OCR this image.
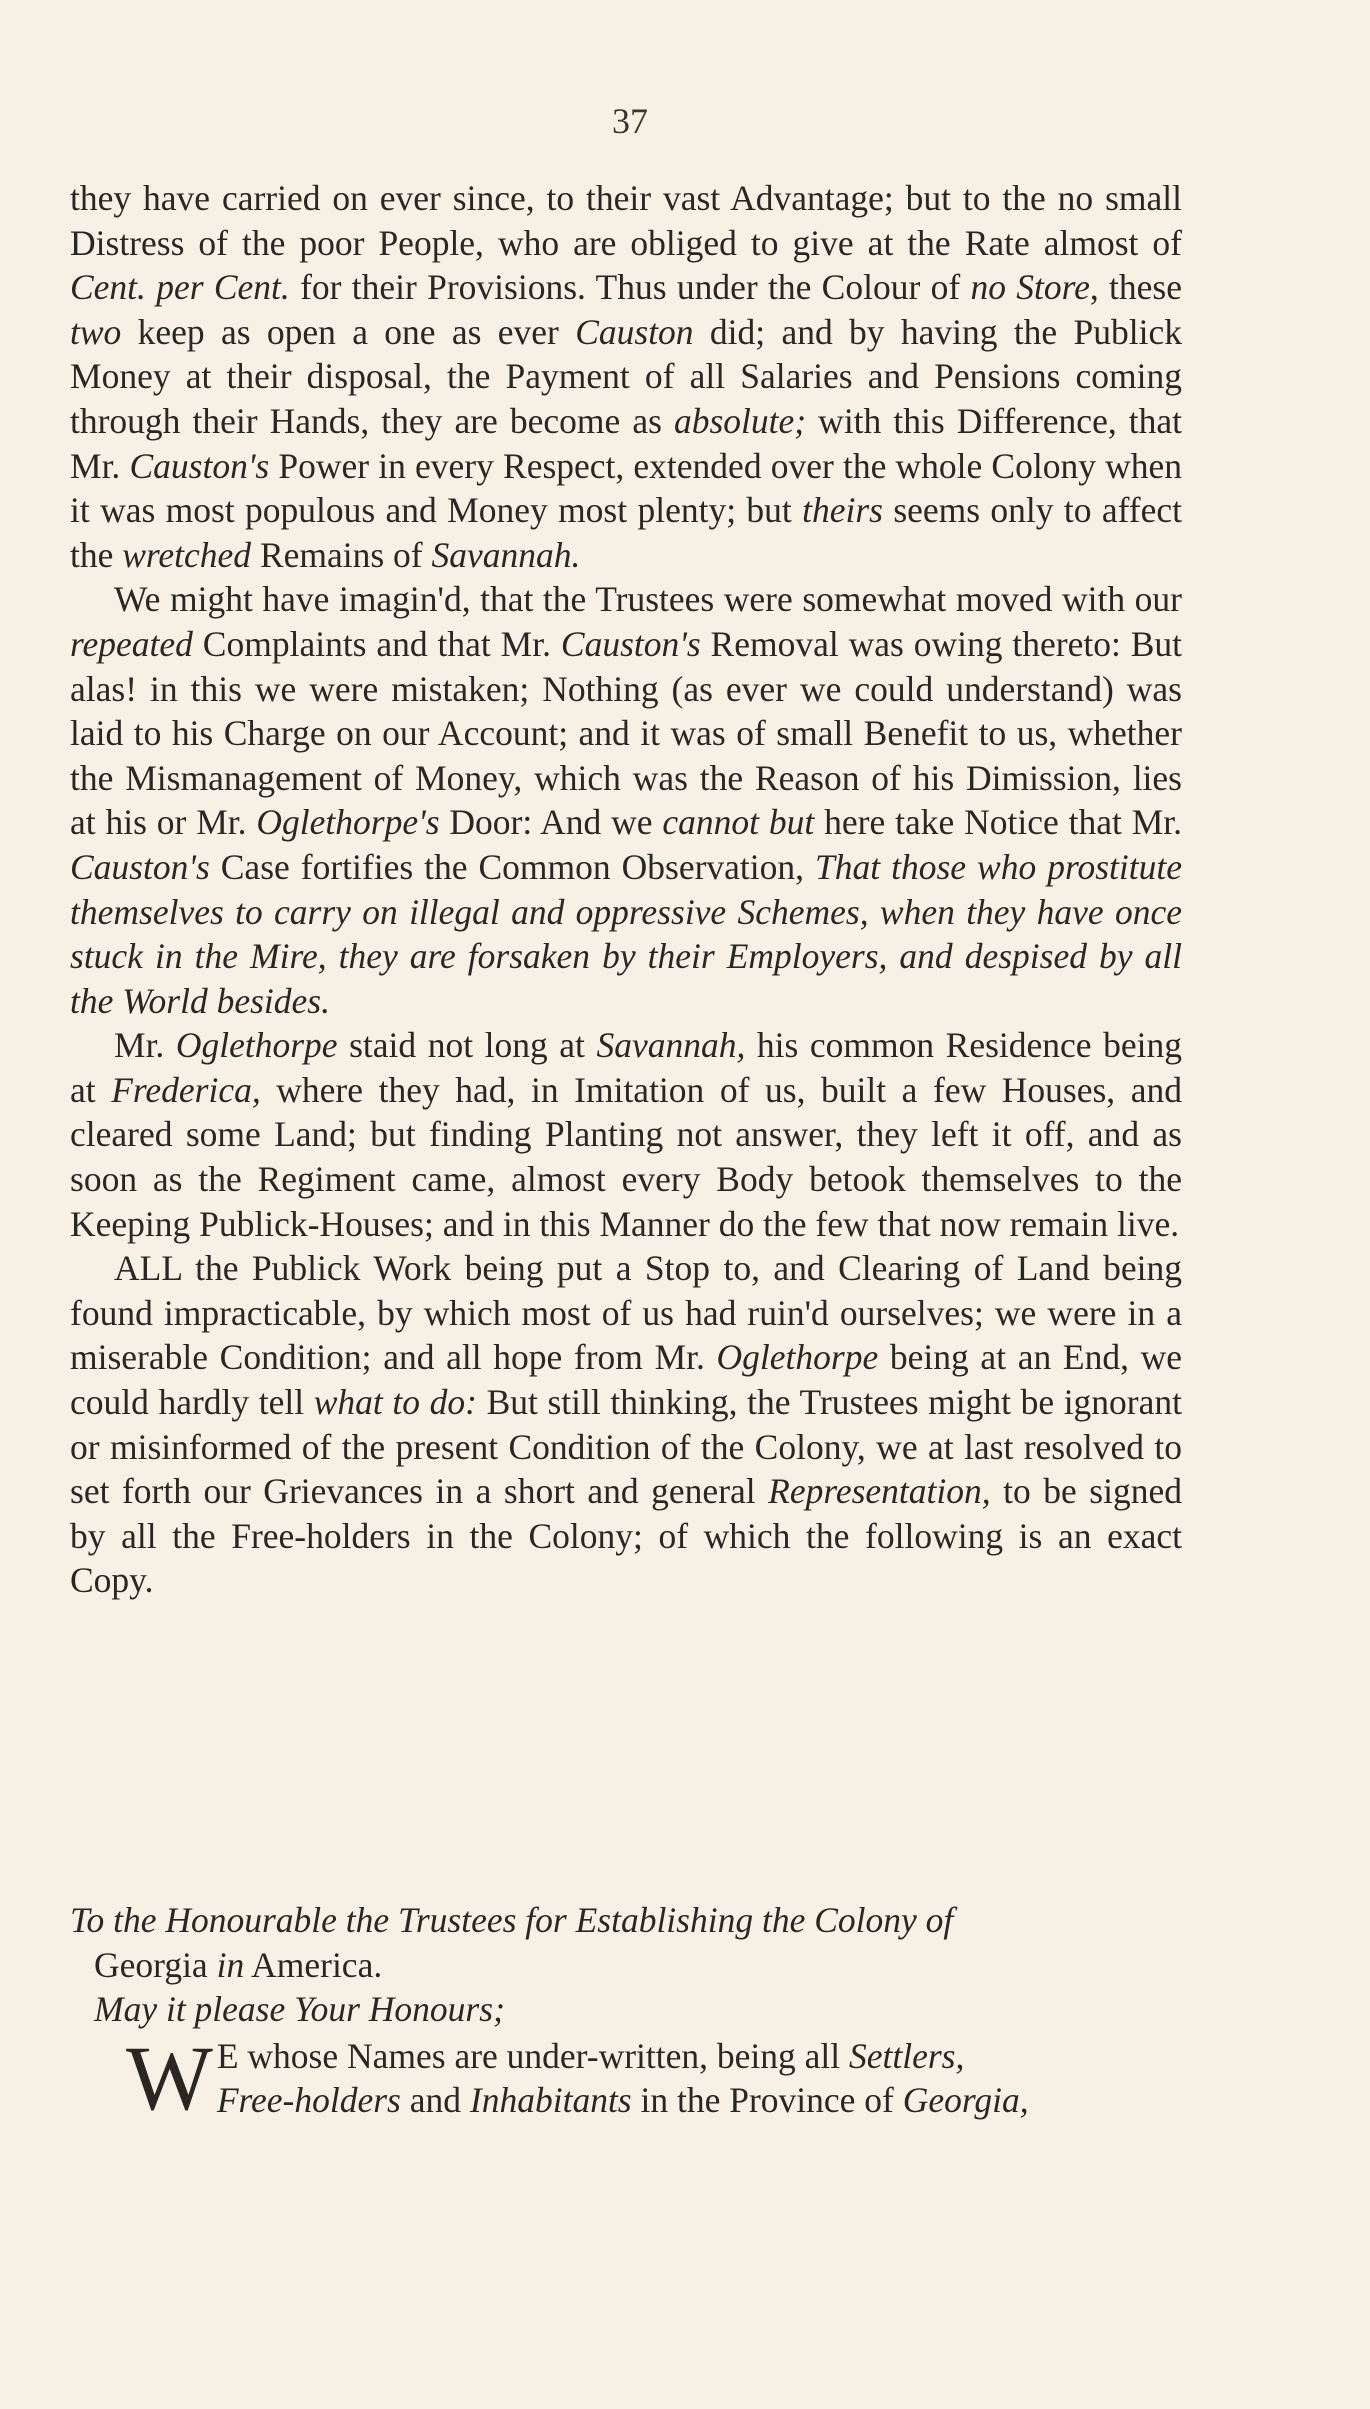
37

they have carried on ever since, to their vast Advantage; but to the no small Distress of the poor People, who are obliged to give at the Rate almost of Cent. per Cent. for their Provisions. Thus under the Colour of no Store, these two keep as open a one as ever Causton did; and by having the Publick Money at their disposal, the Payment of all Salaries and Pensions coming through their Hands, they are become as absolute; with this Difference, that Mr. Causton's Power in every Respect, extended over the whole Colony when it was most populous and Money most plenty; but theirs seems only to affect the wretched Remains of Savannah.

We might have imagin'd, that the Trustees were somewhat moved with our repeated Complaints and that Mr. Causton's Removal was owing thereto: But alas! in this we were mistaken; Nothing (as ever we could understand) was laid to his Charge on our Account; and it was of small Benefit to us, whether the Mismanagement of Money, which was the Reason of his Dimission, lies at his or Mr. Oglethorpe's Door: And we cannot but here take Notice that Mr. Causton's Case fortifies the Common Observation, That those who prostitute themselves to carry on illegal and oppressive Schemes, when they have once stuck in the Mire, they are forsaken by their Employers, and despised by all the World besides.

Mr. Oglethorpe staid not long at Savannah, his common Residence being at Frederica, where they had, in Imitation of us, built a few Houses, and cleared some Land; but finding Planting not answer, they left it off, and as soon as the Regiment came, almost every Body betook themselves to the Keeping Publick-Houses; and in this Manner do the few that now remain live.

ALL the Publick Work being put a Stop to, and Clearing of Land being found impracticable, by which most of us had ruin'd ourselves; we were in a miserable Condition; and all hope from Mr. Oglethorpe being at an End, we could hardly tell what to do: But still thinking, the Trustees might be ignorant or misinformed of the present Condition of the Colony, we at last resolved to set forth our Grievances in a short and general Representation, to be signed by all the Free-holders in the Colony; of which the following is an exact Copy.

To the Honourable the Trustees for Establishing the Colony of
Georgia in America.
May it please Your Honours;
W E whose Names are under-written, being all Settlers,
Free-holders and Inhabitants in the Province of Georgia,
